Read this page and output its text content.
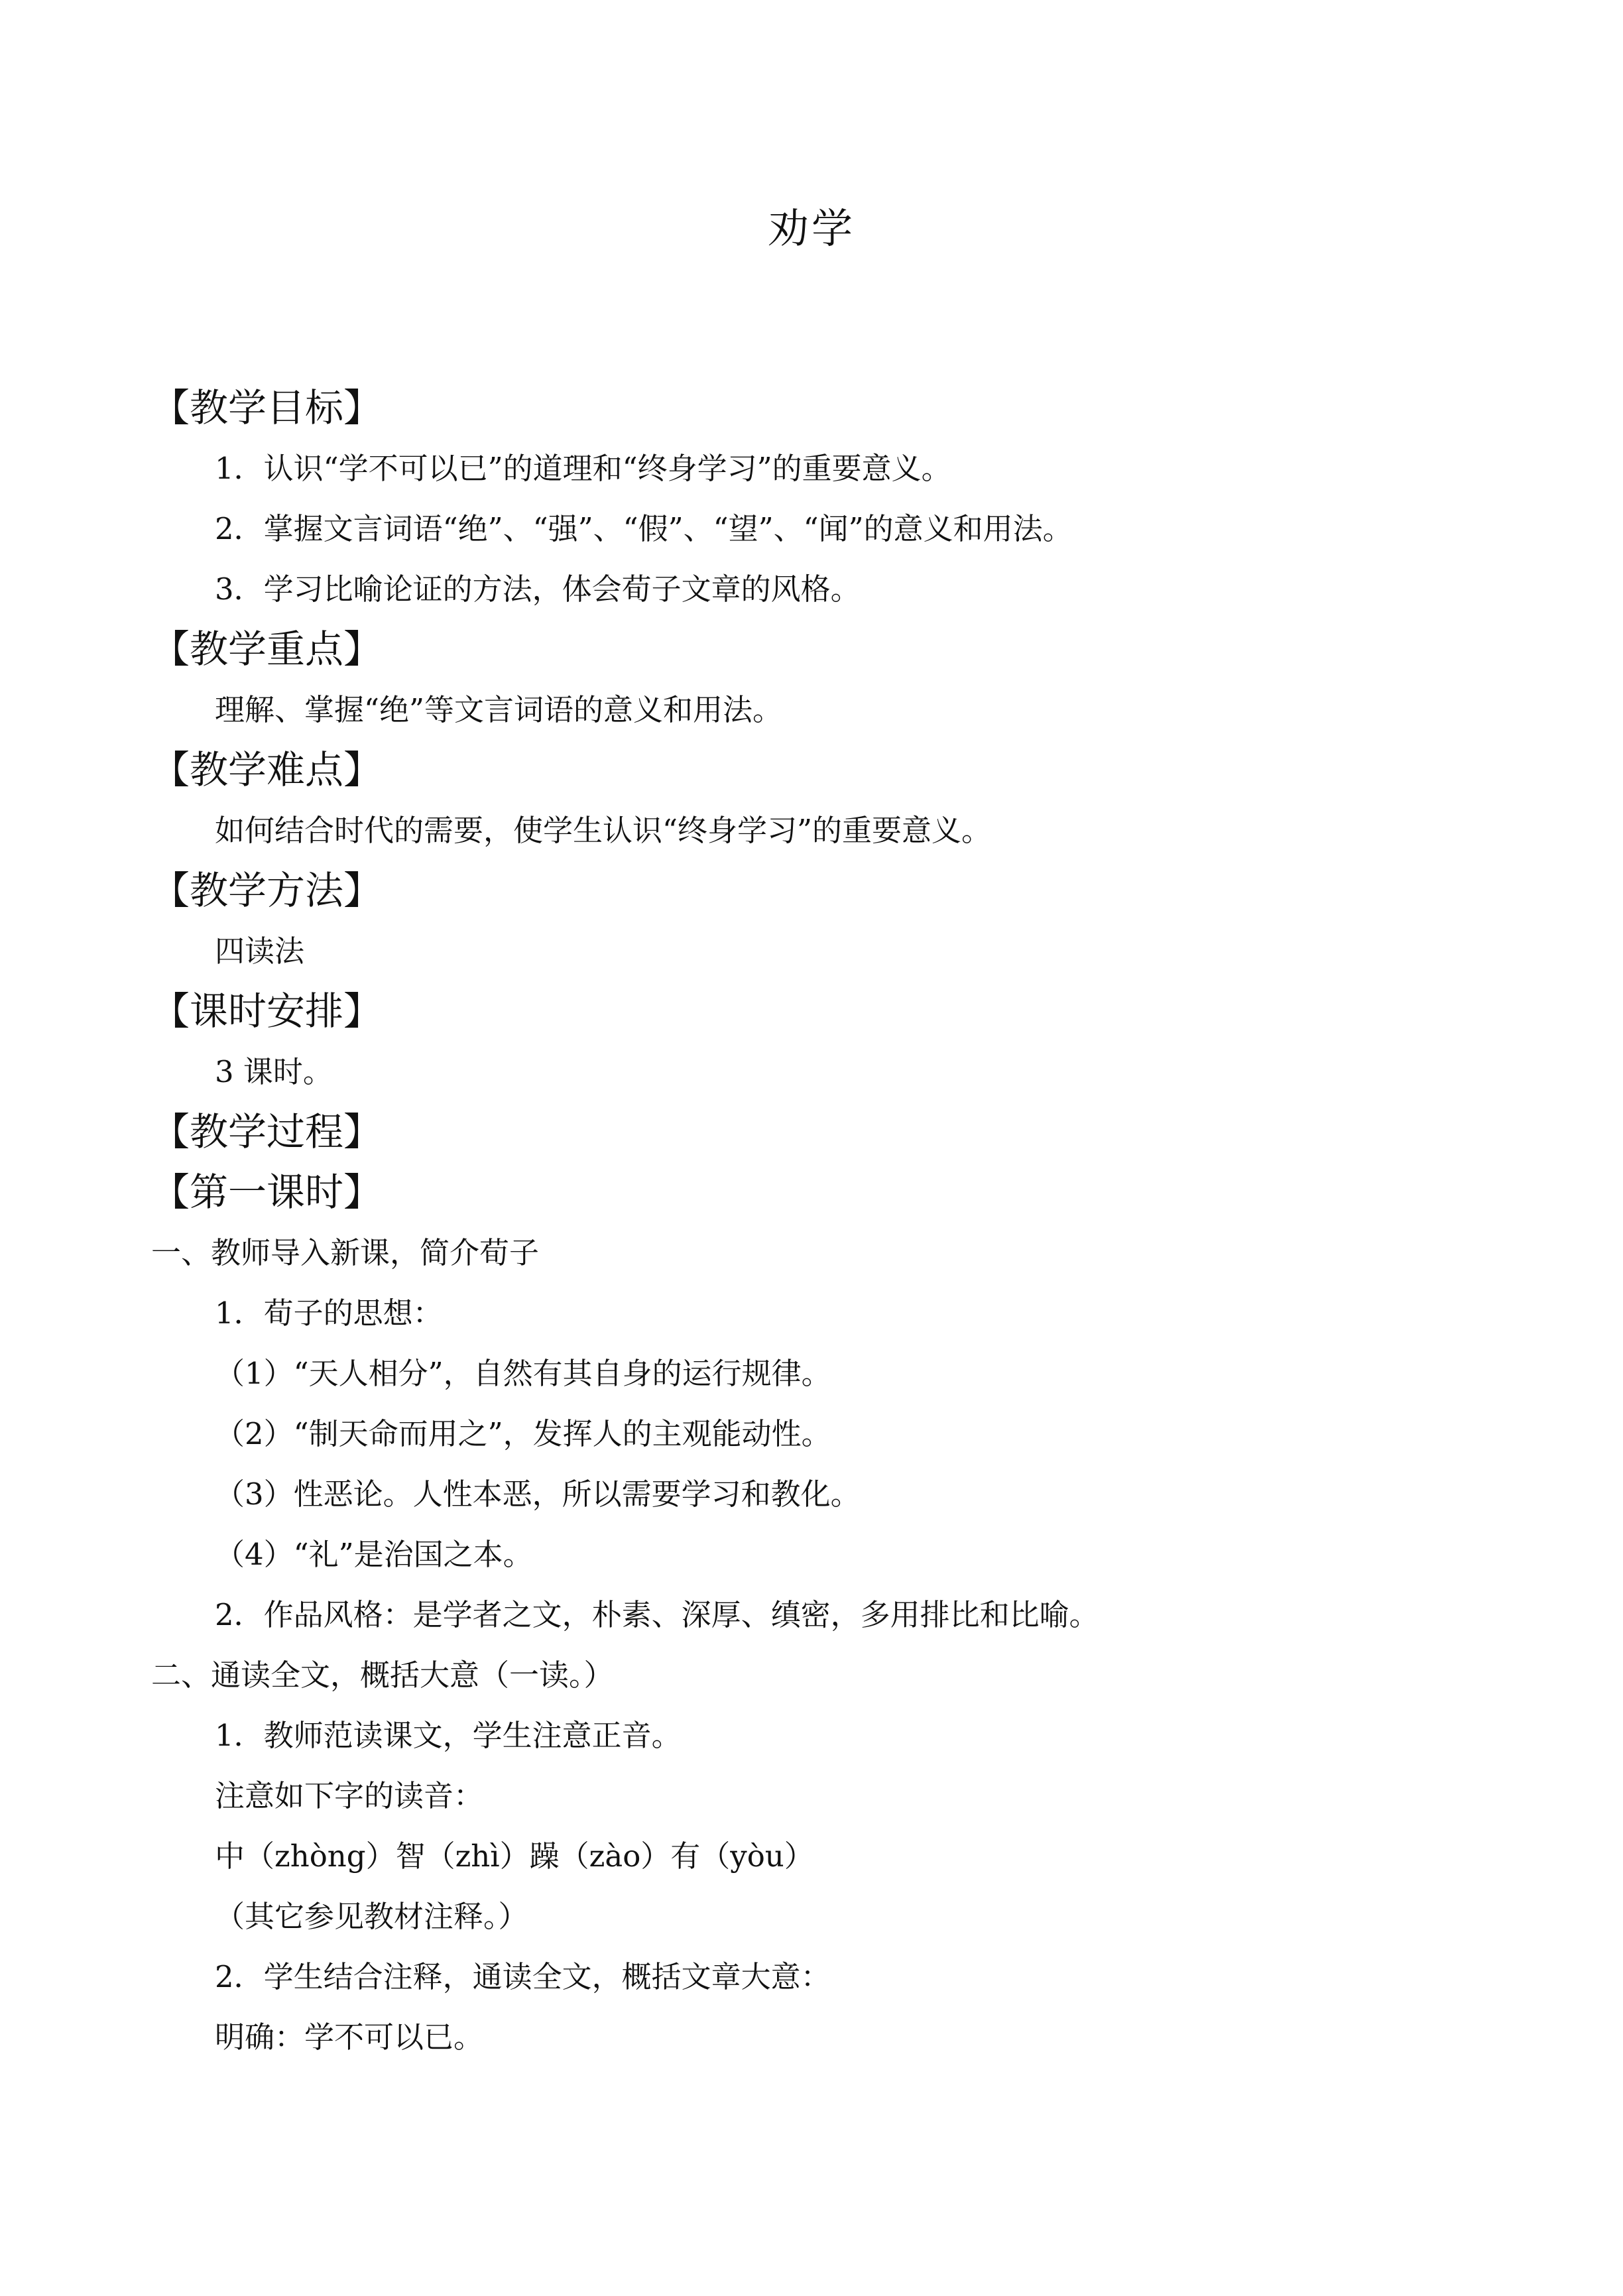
劝学
【教学目标】
1．认识“学不可以已”的道理和“终身学习”的重要意义。
2．掌握文言词语“绝”、“强”、“假”、“望”、“闻”的意义和用法。
3．学习比喻论证的方法，体会荀子文章的风格。
【教学重点】
理解、掌握“绝”等文言词语的意义和用法。
【教学难点】
如何结合时代的需要，使学生认识“终身学习”的重要意义。
【教学方法】
四读法
【课时安排】
3 课时。
【教学过程】
【第一课时】
一、教师导入新课，简介荀子
1．荀子的思想：
（1）“天人相分”，自然有其自身的运行规律。
（2）“制天命而用之”，发挥人的主观能动性。
（3）性恶论。人性本恶，所以需要学习和教化。
（4）“礼”是治国之本。
2．作品风格：是学者之文，朴素、深厚、缜密，多用排比和比喻。
二、通读全文，概括大意（一读。）
1．教师范读课文，学生注意正音。
注意如下字的读音：
中（zhòng）智（zhì）躁（zào）有（yòu）
（其它参见教材注释。）
2．学生结合注释，通读全文，概括文章大意：
明确：学不可以已。
